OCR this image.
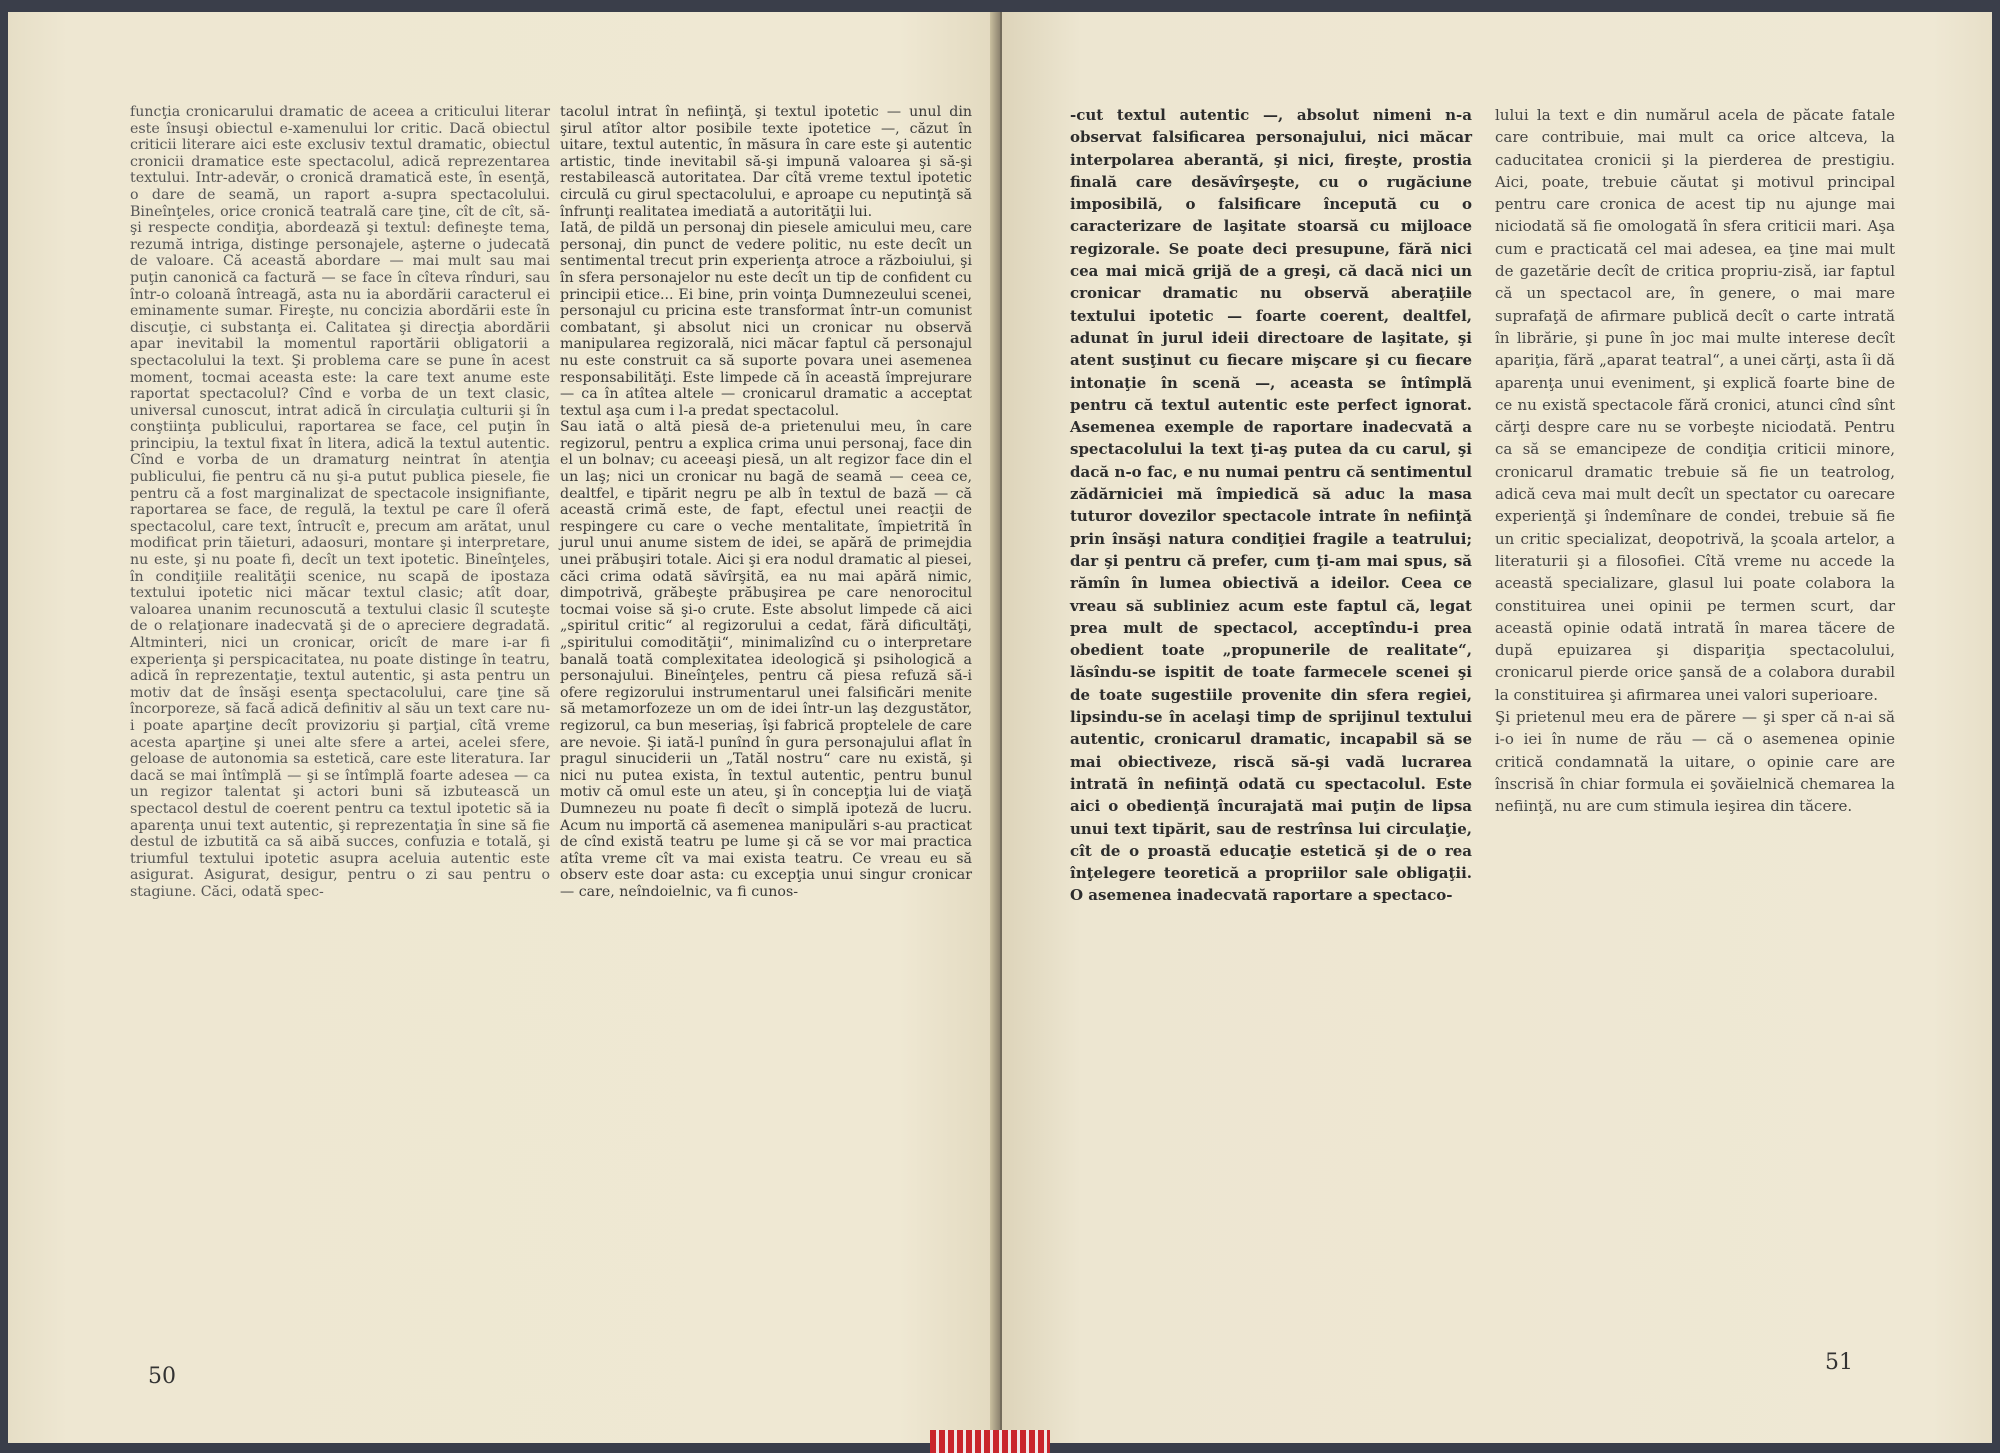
funcţia cronicarului dramatic de aceea a criticului literar este însuşi obiectul e-xamenului lor critic. Dacă obiectul criticii literare aici este exclusiv textul dramatic, obiectul cronicii dramatice este spectacolul, adică reprezentarea textului. Intr-adevăr, o cronică dramatică este, în esenţă, o dare de seamă, un raport a-supra spectacolului. Bineînţeles, orice cronică teatrală care ţine, cît de cît, să-şi respecte condiţia, abordează şi textul: defineşte tema, rezumă intriga, distinge personajele, aşterne o judecată de valoare. Că această abordare — mai mult sau mai puţin canonică ca factură — se face în cîteva rînduri, sau într-o coloană întreagă, asta nu ia abordării caracterul ei eminamente sumar. Fireşte, nu concizia abordării este în discuţie, ci substanţa ei. Calitatea şi direcţia abordării apar inevitabil la momentul raportării obligatorii a spectacolului la text. Şi problema care se pune în acest moment, tocmai aceasta este: la care text anume este raportat spectacolul? Cînd e vorba de un text clasic, universal cunoscut, intrat adică în circulaţia culturii şi în conştiinţa publicului, raportarea se face, cel puţin în principiu, la textul fixat în litera, adică la textul autentic. Cînd e vorba de un dramaturg neintrat în atenţia publicului, fie pentru că nu şi-a putut publica piesele, fie pentru că a fost marginalizat de spectacole insignifiante, raportarea se face, de regulă, la textul pe care îl oferă spectacolul, care text, întrucît e, precum am arătat, unul modificat prin tăieturi, adaosuri, montare şi interpretare, nu este, şi nu poate fi, decît un text ipotetic. Bineînţeles, în condiţiile realităţii scenice, nu scapă de ipostaza textului ipotetic nici măcar textul clasic; atît doar, valoarea unanim recunoscută a textului clasic îl scuteşte de o relaţionare inadecvată şi de o apreciere degradată. Altminteri, nici un cronicar, oricît de mare i-ar fi experienţa şi perspicacitatea, nu poate distinge în teatru, adică în reprezentaţie, textul autentic, şi asta pentru un motiv dat de însăşi esenţa spectacolului, care ţine să încorporeze, să facă adică definitiv al său un text care nu-i poate aparţine decît provizoriu şi parţial, cîtă vreme acesta aparţine şi unei alte sfere a artei, acelei sfere, geloase de autonomia sa estetică, care este literatura. Iar dacă se mai întîmplă — şi se întîmplă foarte adesea — ca un regizor talentat şi actori buni să izbutească un spectacol destul de coerent pentru ca textul ipotetic să ia aparenţa unui text autentic, şi reprezentaţia în sine să fie destul de izbutită ca să aibă succes, confuzia e totală, şi triumful textului ipotetic asupra aceluia autentic este asigurat. Asigurat, desigur, pentru o zi sau pentru o stagiune. Căci, odată spec-
tacolul intrat în nefiinţă, şi textul ipotetic — unul din şirul atîtor altor posibile texte ipotetice —, căzut în uitare, textul autentic, în măsura în care este şi autentic artistic, tinde inevitabil să-şi impună valoarea şi să-şi restabilească autoritatea. Dar cîtă vreme textul ipotetic circulă cu girul spectacolului, e aproape cu neputinţă să înfrunţi realitatea imediată a autorităţii lui.
Iată, de pildă un personaj din piesele amicului meu, care personaj, din punct de vedere politic, nu este decît un sentimental trecut prin experienţa atroce a războiului, şi în sfera personajelor nu este decît un tip de confident cu principii etice... Ei bine, prin voinţa Dumnezeului scenei, personajul cu pricina este transformat într-un comunist combatant, şi absolut nici un cronicar nu observă manipularea regizorală, nici măcar faptul că personajul nu este construit ca să suporte povara unei asemenea responsabilităţi. Este limpede că în această împrejurare — ca în atîtea altele — cronicarul dramatic a acceptat textul aşa cum i l-a predat spectacolul.
Sau iată o altă piesă de-a prietenului meu, în care regizorul, pentru a explica crima unui personaj, face din el un bolnav; cu aceeaşi piesă, un alt regizor face din el un laş; nici un cronicar nu bagă de seamă — ceea ce, dealtfel, e tipărit negru pe alb în textul de bază — că această crimă este, de fapt, efectul unei reacţii de respingere cu care o veche mentalitate, împietrită în jurul unui anume sistem de idei, se apără de primejdia unei prăbuşiri totale. Aici şi era nodul dramatic al piesei, căci crima odată săvîrşită, ea nu mai apără nimic, dimpotrivă, grăbeşte prăbuşirea pe care nenorocitul tocmai voise să şi-o crute. Este absolut limpede că aici „spiritul critic“ al regizorului a cedat, fără dificultăţi, „spiritului comodităţii“, minimalizînd cu o interpretare banală toată complexitatea ideologică şi psihologică a personajului. Bineînţeles, pentru că piesa refuză să-i ofere regizorului instrumentarul unei falsificări menite să metamorfozeze un om de idei într-un laş dezgustător, regizorul, ca bun meseriaş, îşi fabrică proptelele de care are nevoie. Şi iată-l punînd în gura personajului aflat în pragul sinuciderii un „Tatăl nostru“ care nu există, şi nici nu putea exista, în textul autentic, pentru bunul motiv că omul este un ateu, şi în concepţia lui de viaţă Dumnezeu nu poate fi decît o simplă ipoteză de lucru. Acum nu importă că asemenea manipulări s-au practicat de cînd există teatru pe lume şi că se vor mai practica atîta vreme cît va mai exista teatru. Ce vreau eu să observ este doar asta: cu excepţia unui singur cronicar — care, neîndoielnic, va fi cunos-
50
-cut textul autentic —, absolut nimeni n-a observat falsificarea personajului, nici măcar interpolarea aberantă, şi nici, fireşte, prostia finală care desăvîrşeşte, cu o rugăciune imposibilă, o falsificare începută cu o caracterizare de laşitate stoarsă cu mijloace regizorale. Se poate deci presupune, fără nici cea mai mică grijă de a greşi, că dacă nici un cronicar dramatic nu observă aberaţiile textului ipotetic — foarte coerent, dealtfel, adunat în jurul ideii directoare de laşitate, şi atent susţinut cu fiecare mişcare şi cu fiecare intonaţie în scenă —, aceasta se întîmplă pentru că textul autentic este perfect ignorat. Asemenea exemple de raportare inadecvată a spectacolului la text ţi-aş putea da cu carul, şi dacă n-o fac, e nu numai pentru că sentimentul zădărniciei mă împiedică să aduc la masa tuturor dovezilor spectacole intrate în nefiinţă prin însăşi natura condiţiei fragile a teatrului; dar şi pentru că prefer, cum ţi-am mai spus, să rămîn în lumea obiectivă a ideilor. Ceea ce vreau să subliniez acum este faptul că, legat prea mult de spectacol, acceptîndu-i prea obedient toate „propunerile de realitate“, lăsîndu-se ispitit de toate farmecele scenei şi de toate sugestiile provenite din sfera regiei, lipsindu-se în acelaşi timp de sprijinul textului autentic, cronicarul dramatic, incapabil să se mai obiectiveze, riscă să-şi vadă lucrarea intrată în nefiinţă odată cu spectacolul. Este aici o obedienţă încurajată mai puţin de lipsa unui text tipărit, sau de restrînsa lui circulaţie, cît de o proastă educaţie estetică şi de o rea înţelegere teoretică a propriilor sale obligaţii. O asemenea inadecvată raportare a spectaco-
lului la text e din numărul acela de păcate fatale care contribuie, mai mult ca orice altceva, la caducitatea cronicii şi la pierderea de prestigiu. Aici, poate, trebuie căutat şi motivul principal pentru care cronica de acest tip nu ajunge mai niciodată să fie omologată în sfera criticii mari. Aşa cum e practicată cel mai adesea, ea ţine mai mult de gazetărie decît de critica propriu-zisă, iar faptul că un spectacol are, în genere, o mai mare suprafaţă de afirmare publică decît o carte intrată în librărie, şi pune în joc mai multe interese decît apariţia, fără „aparat teatral“, a unei cărţi, asta îi dă aparenţa unui eveniment, şi explică foarte bine de ce nu există spectacole fără cronici, atunci cînd sînt cărţi despre care nu se vorbeşte niciodată. Pentru ca să se emancipeze de condiţia criticii minore, cronicarul dramatic trebuie să fie un teatrolog, adică ceva mai mult decît un spectator cu oarecare experienţă şi îndemînare de condei, trebuie să fie un critic specializat, deopotrivă, la şcoala artelor, a literaturii şi a filosofiei. Cîtă vreme nu accede la această specializare, glasul lui poate colabora la constituirea unei opinii pe termen scurt, dar această opinie odată intrată în marea tăcere de după epuizarea şi dispariţia spectacolului, cronicarul pierde orice şansă de a colabora durabil la constituirea şi afirmarea unei valori superioare.
Şi prietenul meu era de părere — şi sper că n-ai să i-o iei în nume de rău — că o asemenea opinie critică condamnată la uitare, o opinie care are înscrisă în chiar formula ei şovăielnică chemarea la nefiinţă, nu are cum stimula ieşirea din tăcere.
51
